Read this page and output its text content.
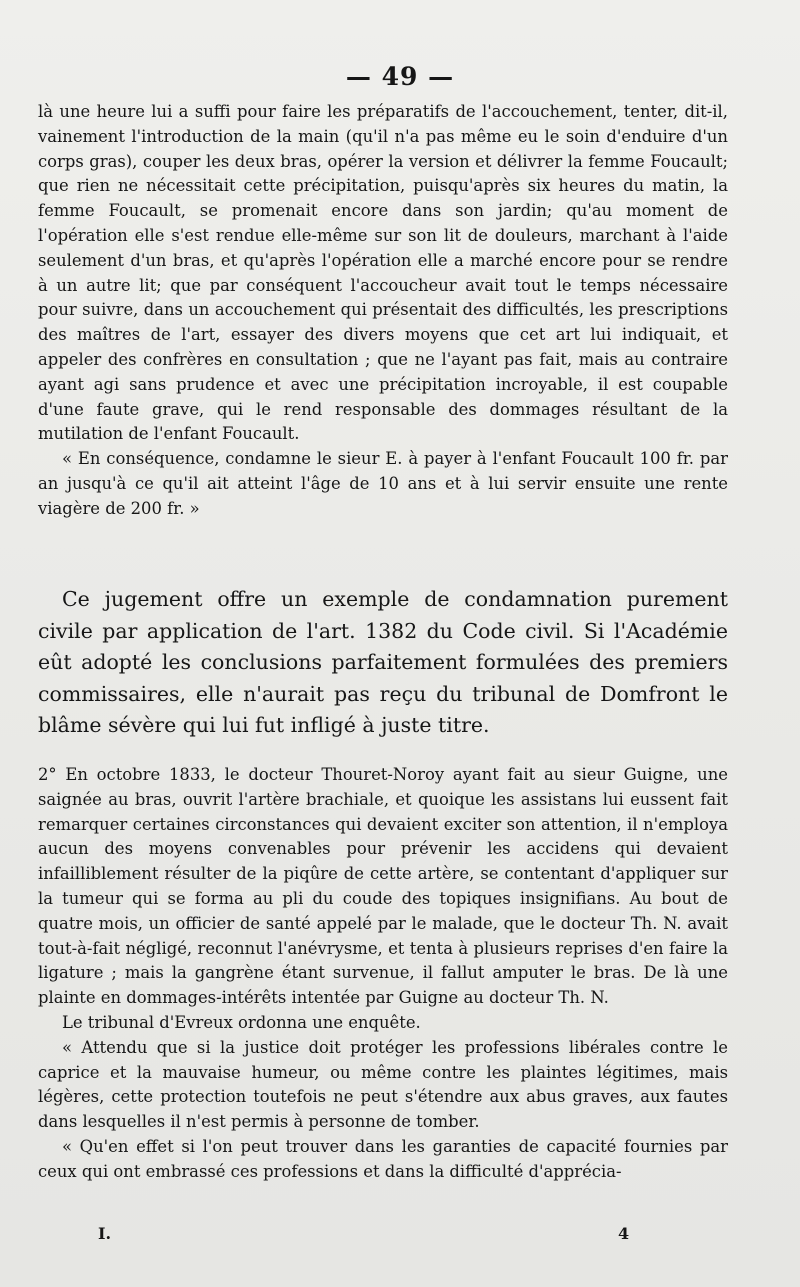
— 49 —

là une heure lui a suffi pour faire les préparatifs de l'accouchement, tenter, dit-il, vainement l'introduction de la main (qu'il n'a pas même eu le soin d'enduire d'un corps gras), couper les deux bras, opérer la version et délivrer la femme Foucault; que rien ne nécessitait cette précipitation, puisqu'après six heures du matin, la femme Foucault, se promenait encore dans son jardin; qu'au moment de l'opération elle s'est rendue elle-même sur son lit de douleurs, marchant à l'aide seulement d'un bras, et qu'après l'opération elle a marché encore pour se rendre à un autre lit; que par conséquent l'accoucheur avait tout le temps nécessaire pour suivre, dans un accouchement qui présentait des difficultés, les prescriptions des maîtres de l'art, essayer des divers moyens que cet art lui indiquait, et appeler des confrères en consultation ; que ne l'ayant pas fait, mais au contraire ayant agi sans prudence et avec une précipitation incroyable, il est coupable d'une faute grave, qui le rend responsable des dommages résultant de la mutilation de l'enfant Foucault.

« En conséquence, condamne le sieur E. à payer à l'enfant Foucault 100 fr. par an jusqu'à ce qu'il ait atteint l'âge de 10 ans et à lui servir ensuite une rente viagère de 200 fr. »

Ce jugement offre un exemple de condamnation purement civile par application de l'art. 1382 du Code civil. Si l'Académie eût adopté les conclusions parfaitement formulées des premiers commissaires, elle n'aurait pas reçu du tribunal de Domfront le blâme sévère qui lui fut infligé à juste titre.

2° En octobre 1833, le docteur Thouret-Noroy ayant fait au sieur Guigne, une saignée au bras, ouvrit l'artère brachiale, et quoique les assistans lui eussent fait remarquer certaines circonstances qui devaient exciter son attention, il n'employa aucun des moyens convenables pour prévenir les accidens qui devaient infailliblement résulter de la piqûre de cette artère, se contentant d'appliquer sur la tumeur qui se forma au pli du coude des topiques insignifians. Au bout de quatre mois, un officier de santé appelé par le malade, que le docteur Th. N. avait tout-à-fait négligé, reconnut l'anévrysme, et tenta à plusieurs reprises d'en faire la ligature ; mais la gangrène étant survenue, il fallut amputer le bras. De là une plainte en dommages-intérêts intentée par Guigne au docteur Th. N.

Le tribunal d'Evreux ordonna une enquête.

« Attendu que si la justice doit protéger les professions libérales contre le caprice et la mauvaise humeur, ou même contre les plaintes légitimes, mais légères, cette protection toutefois ne peut s'étendre aux abus graves, aux fautes dans lesquelles il n'est permis à personne de tomber.

« Qu'en effet si l'on peut trouver dans les garanties de capacité fournies par ceux qui ont embrassé ces professions et dans la difficulté d'apprécia-

I.	4
